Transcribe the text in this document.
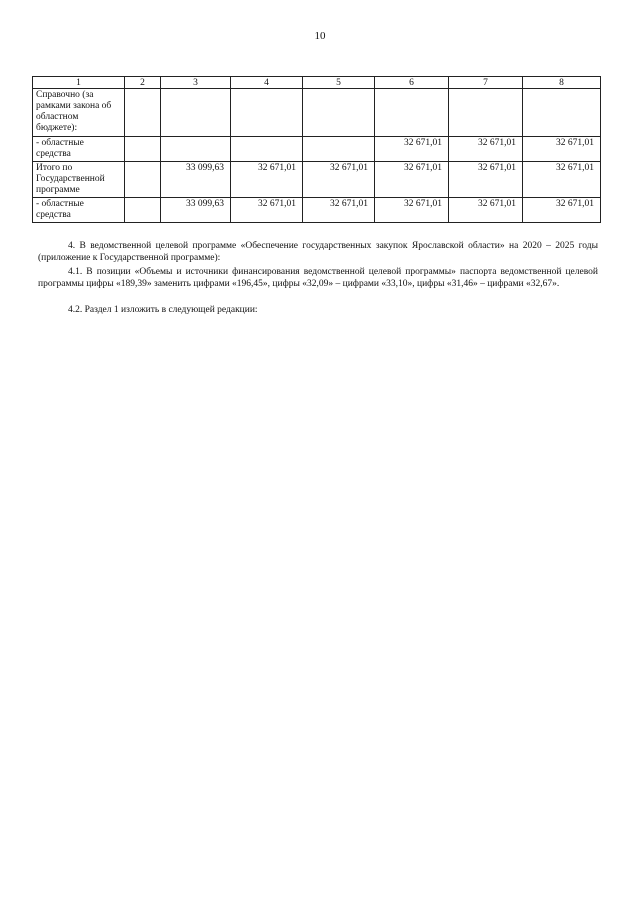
10
1	2	3	4	5	6	7	8
Справочно (за рамками закона об областном бюджете):							
- областные средства					32 671,01	32 671,01	32 671,01
Итого по Государственной программе		33 099,63	32 671,01	32 671,01	32 671,01	32 671,01	32 671,01
- областные средства		33 099,63	32 671,01	32 671,01	32 671,01	32 671,01	32 671,01
4. В ведомственной целевой программе «Обеспечение государственных закупок Ярославской области» на 2020 – 2025 годы (приложение к Государственной программе):
4.1. В позиции «Объемы и источники финансирования ведомственной целевой программы» паспорта ведомственной целевой программы цифры «189,39» заменить цифрами «196,45», цифры «32,09» – цифрами «33,10», цифры «31,46» – цифрами «32,67».
4.2. Раздел 1 изложить в следующей редакции:
